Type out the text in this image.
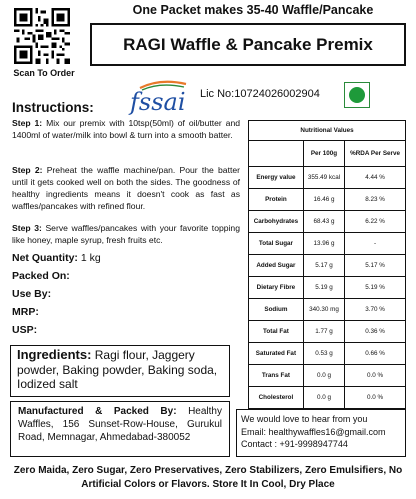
Scan To Order
One Packet makes 35-40 Waffle/Pancake
RAGI Waffle & Pancake Premix
fssai Lic No:10724026002904
Instructions:
Step 1: Mix our premix with 10tsp(50ml) of oil/butter and 1400ml of water/milk into bowl & turn into a smooth batter.
Step 2: Preheat the waffle machine/pan. Pour the batter until it gets cooked well on both the sides. The goodness of healthy ingredients means it doesn't cook as fast as waffles/pancakes with refined flour.
Step 3: Serve waffles/pancakes with your favorite topping like honey, maple syrup, fresh fruits etc.
Net Quantity: 1 kg
Packed On:
Use By:
MRP:
USP:
Ingredients: Ragi flour, Jaggery powder, Baking powder, Baking soda, Iodized salt
Manufactured & Packed By: Healthy Waffles, 156 Sunset-Row-House, Gurukul Road, Memnagar, Ahmedabad-380052
Nutritional Values		
	Per 100g	%RDA Per Serve
Energy value	355.49 kcal	4.44 %
Protein	16.46 g	8.23 %
Carbohydrates	68.43 g	6.22 %
Total Sugar	13.96 g	-
Added Sugar	5.17 g	5.17 %
Dietary Fibre	5.19 g	5.19 %
Sodium	340.30 mg	3.70 %
Total Fat	1.77 g	0.36 %
Saturated Fat	0.53 g	0.66 %
Trans Fat	0.0 g	0.0 %
Cholesterol	0.0 g	0.0 %
We would love to hear from you
Email: healthywaffles16@gmail.com
Contact : +91-9998947744
Zero Maida, Zero Sugar, Zero Preservatives, Zero Stabilizers, Zero Emulsifiers, No Artificial Colors or Flavors. Store It In Cool, Dry Place
